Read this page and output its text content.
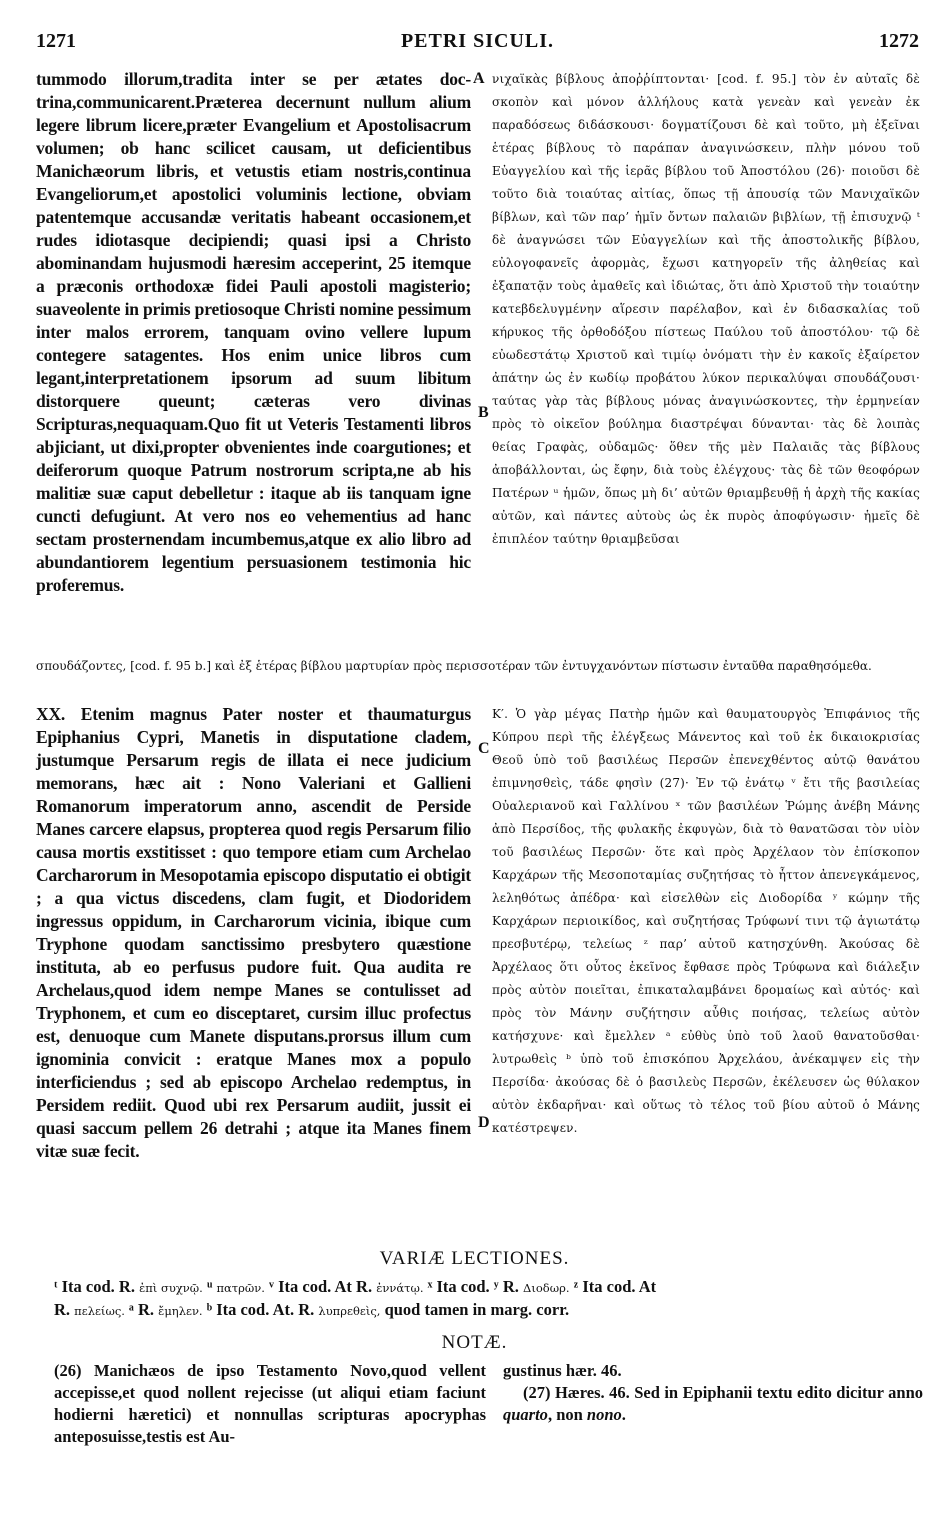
1271	PETRI SICULI.	1272
tummodo illorum,tradita inter se per ætates doc-trina,communicarent.Præterea decernunt nullum alium legere librum licere,præter Evangelium et Apostolisacrum volumen; ob hanc scilicet causam, ut deficientibus Manichæorum libris, et vetustis etiam nostris,continua Evangeliorum,et apostolici voluminis lectione, obviam patentemque accusandæ veritatis habeant occasionem,et rudes idiotasque decipiendi; quasi ipsi a Christo abominandam hujusmodi hæresim acceperint, 25 itemque a præconis orthodoxæ fidei Pauli apostoli magisterio; suaveolente in primis pretiosoque Christi nomine pessimum inter malos errorem, tanquam ovino vellere lupum contegere satagentes. Hos enim unice libros cum legant,interpretationem ipsorum ad suum libitum distorquere queunt; cæteras vero divinas Scripturas,nequaquam.Quo fit ut Veteris Testamenti libros abjiciant, ut dixi,propter obvenientes inde coargutiones; et deiferorum quoque Patrum nostrorum scripta,ne ab his malitiæ suæ caput debelletur : itaque ab iis tanquam igne cuncti defugiunt. At vero nos eo vehementius ad hanc sectam prosternendam incumbemus,atque ex alio libro ad abundantiorem legentium persuasionem testimonia hic proferemus.
νιχαϊκὰς βίβλους ἀποῤῥίπτονται· [cod. f. 95.] τὸν ἐν αὐταῖς δὲ σκοπὸν καὶ μόνον ἀλλήλους κατὰ γενεὰν καὶ γενεὰν ἐκ παραδόσεως διδάσκουσι· δογματίζουσι δὲ καὶ τοῦτο, μὴ ἐξεῖναι ἑτέρας βίβλους τὸ παράπαν ἀναγινώσκειν, πλὴν μόνου τοῦ Εὐαγγελίου καὶ τῆς ἱερᾶς βίβλου τοῦ Ἀποστόλου (26)· ποιοῦσι δὲ τοῦτο διὰ τοιαύτας αἰτίας, ὅπως τῇ ἀπουσίᾳ τῶν Μανιχαϊκῶν βίβλων, καὶ τῶν παρ’ ἡμῖν ὄντων παλαιῶν βιβλίων, τῇ ἐπισυχνῷ ᵗ δὲ ἀναγνώσει τῶν Εὐαγγελίων καὶ τῆς ἀποστολικῆς βίβλου, εὐλογοφανεῖς ἀφορμὰς, ἔχωσι κατηγορεῖν τῆς ἀληθείας καὶ ἐξαπατᾷν τοὺς ἀμαθεῖς καὶ ἰδιώτας, ὅτι ἀπὸ Χριστοῦ τὴν τοιαύτην κατεβδελυγμένην αἵρεσιν παρέλαβον, καὶ ἐν διδασκαλίας τοῦ κήρυκος τῆς ὀρθοδόξου πίστεως Παύλου τοῦ ἀποστόλου· τῷ δὲ εὐωδεστάτῳ Χριστοῦ καὶ τιμίῳ ὀνόματι τὴν ἐν κακοῖς ἐξαίρετον ἀπάτην ὡς ἐν κωδίῳ προβάτου λύκον περικαλύψαι σπουδάζουσι· ταύτας γὰρ τὰς βίβλους μόνας ἀναγινώσκοντες, τὴν ἑρμηνείαν πρὸς τὸ οἰκεῖον βούλημα διαστρέψαι δύνανται· τὰς δὲ λοιπὰς θείας Γραφὰς, οὐδαμῶς· ὅθεν τῆς μὲν Παλαιᾶς τὰς βίβλους ἀποβάλλονται, ὡς ἔφην, διὰ τοὺς ἐλέγχους· τὰς δὲ τῶν θεοφόρων Πατέρων ᵘ ἡμῶν, ὅπως μὴ δι’ αὐτῶν θριαμβευθῇ ἡ ἀρχὴ τῆς κακίας αὐτῶν, καὶ πάντες αὐτοὺς ὡς ἐκ πυρὸς ἀποφύγωσιν· ἡμεῖς δὲ ἐπιπλέον ταύτην θριαμβεῦσαι
A
B
C
D
σπουδάζοντες, [cod. f. 95 b.] καὶ ἐξ ἑτέρας βίβλου μαρτυρίαν πρὸς περισσοτέραν τῶν ἐντυγχανόντων πίστωσιν ἐνταῦθα παραθησόμεθα.
XX. Etenim magnus Pater noster et thaumaturgus Epiphanius Cypri, Manetis in disputatione cladem, justumque Persarum regis de illata ei nece judicium memorans, hæc ait : Nono Valeriani et Gallieni Romanorum imperatorum anno, ascendit de Perside Manes carcere elapsus, propterea quod regis Persarum filio causa mortis exstitisset : quo tempore etiam cum Archelao Carcharorum in Mesopotamia episcopo disputatio ei obtigit ; a qua victus discedens, clam fugit, et Diodoridem ingressus oppidum, in Carcharorum vicinia, ibique cum Tryphone quodam sanctissimo presbytero quæstione instituta, ab eo perfusus pudore fuit. Qua audita re Archelaus,quod idem nempe Manes se contulisset ad Tryphonem, et cum eo disceptaret, cursim illuc profectus est, denuoque cum Manete disputans.prorsus illum cum ignominia convicit : eratque Manes mox a populo interficiendus ; sed ab episcopo Archelao redemptus, in Persidem rediit. Quod ubi rex Persarum audiit, jussit ei quasi saccum pellem 26 detrahi ; atque ita Manes finem vitæ suæ fecit.
Κ′. Ὁ γὰρ μέγας Πατὴρ ἡμῶν καὶ θαυματουργὸς Ἐπιφάνιος τῆς Κύπρου περὶ τῆς ἐλέγξεως Μάνεντος καὶ τοῦ ἐκ δικαιοκρισίας Θεοῦ ὑπὸ τοῦ βασιλέως Περσῶν ἐπενεχθέντος αὐτῷ θανάτου ἐπιμνησθεὶς, τάδε φησὶν (27)· Ἐν τῷ ἐνάτῳ ᵛ ἔτι τῆς βασιλείας Οὐαλεριανοῦ καὶ Γαλλίνου ˣ τῶν βασιλέων Ῥώμης ἀνέβη Μάνης ἀπὸ Περσίδος, τῆς φυλακῆς ἐκφυγὼν, διὰ τὸ θανατῶσαι τὸν υἱὸν τοῦ βασιλέως Περσῶν· ὅτε καὶ πρὸς Ἀρχέλαον τὸν ἐπίσκοπον Καρχάρων τῆς Μεσοποταμίας συζητήσας τὸ ἧττον ἀπενεγκάμενος, λεληθότως ἀπέδρα· καὶ εἰσελθὼν εἰς Διοδορίδα ʸ κώμην τῆς Καρχάρων περιοικίδος, καὶ συζητήσας Τρύφωνί τινι τῷ ἁγιωτάτῳ πρεσβυτέρῳ, τελείως ᶻ παρ’ αὐτοῦ κατησχύνθη. Ἀκούσας δὲ Ἀρχέλαος ὅτι οὗτος ἐκεῖνος ἔφθασε πρὸς Τρύφωνα καὶ διάλεξιν πρὸς αὐτὸν ποιεῖται, ἐπικαταλαμβάνει δρομαίως καὶ αὐτός· καὶ πρὸς τὸν Μάνην συζήτησιν αὖθις ποιήσας, τελείως αὐτὸν κατήσχυνε· καὶ ἔμελλεν ᵃ εὐθὺς ὑπὸ τοῦ λαοῦ θανατοῦσθαι· λυτρωθεὶς ᵇ ὑπὸ τοῦ ἐπισκόπου Ἀρχελάου, ἀνέκαμψεν εἰς τὴν Περσίδα· ἀκούσας δὲ ὁ βασιλεὺς Περσῶν, ἐκέλευσεν ὡς θύλακον αὐτὸν ἐκδαρῆναι· καὶ οὕτως τὸ τέλος τοῦ βίου αὐτοῦ ὁ Μάνης κατέστρεψεν.
VARIÆ LECTIONES.
ᵗ Ita cod. R. ἐπὶ συχνῷ. ᵘ πατρῶν. ᵛ Ita cod. At R. ἐννάτῳ. ˣ Ita cod. ʸ R. Διοδωρ. ᶻ Ita cod. At
R. πελείως. ᵃ R. ἔμηλεν. ᵇ Ita cod. At. R. λυπρεθεὶς, quod tamen in marg. corr.
NOTÆ.
(26) Manichæos de ipso Testamento Novo,quod vellent accepisse,et quod nollent rejecisse (ut aliqui etiam faciunt hodierni hæretici) et nonnullas scripturas apocryphas anteposuisse,testis est Au-
gustinus hær. 46.
(27) Hæres. 46. Sed in Epiphanii textu edito dicitur anno quarto, non nono.
